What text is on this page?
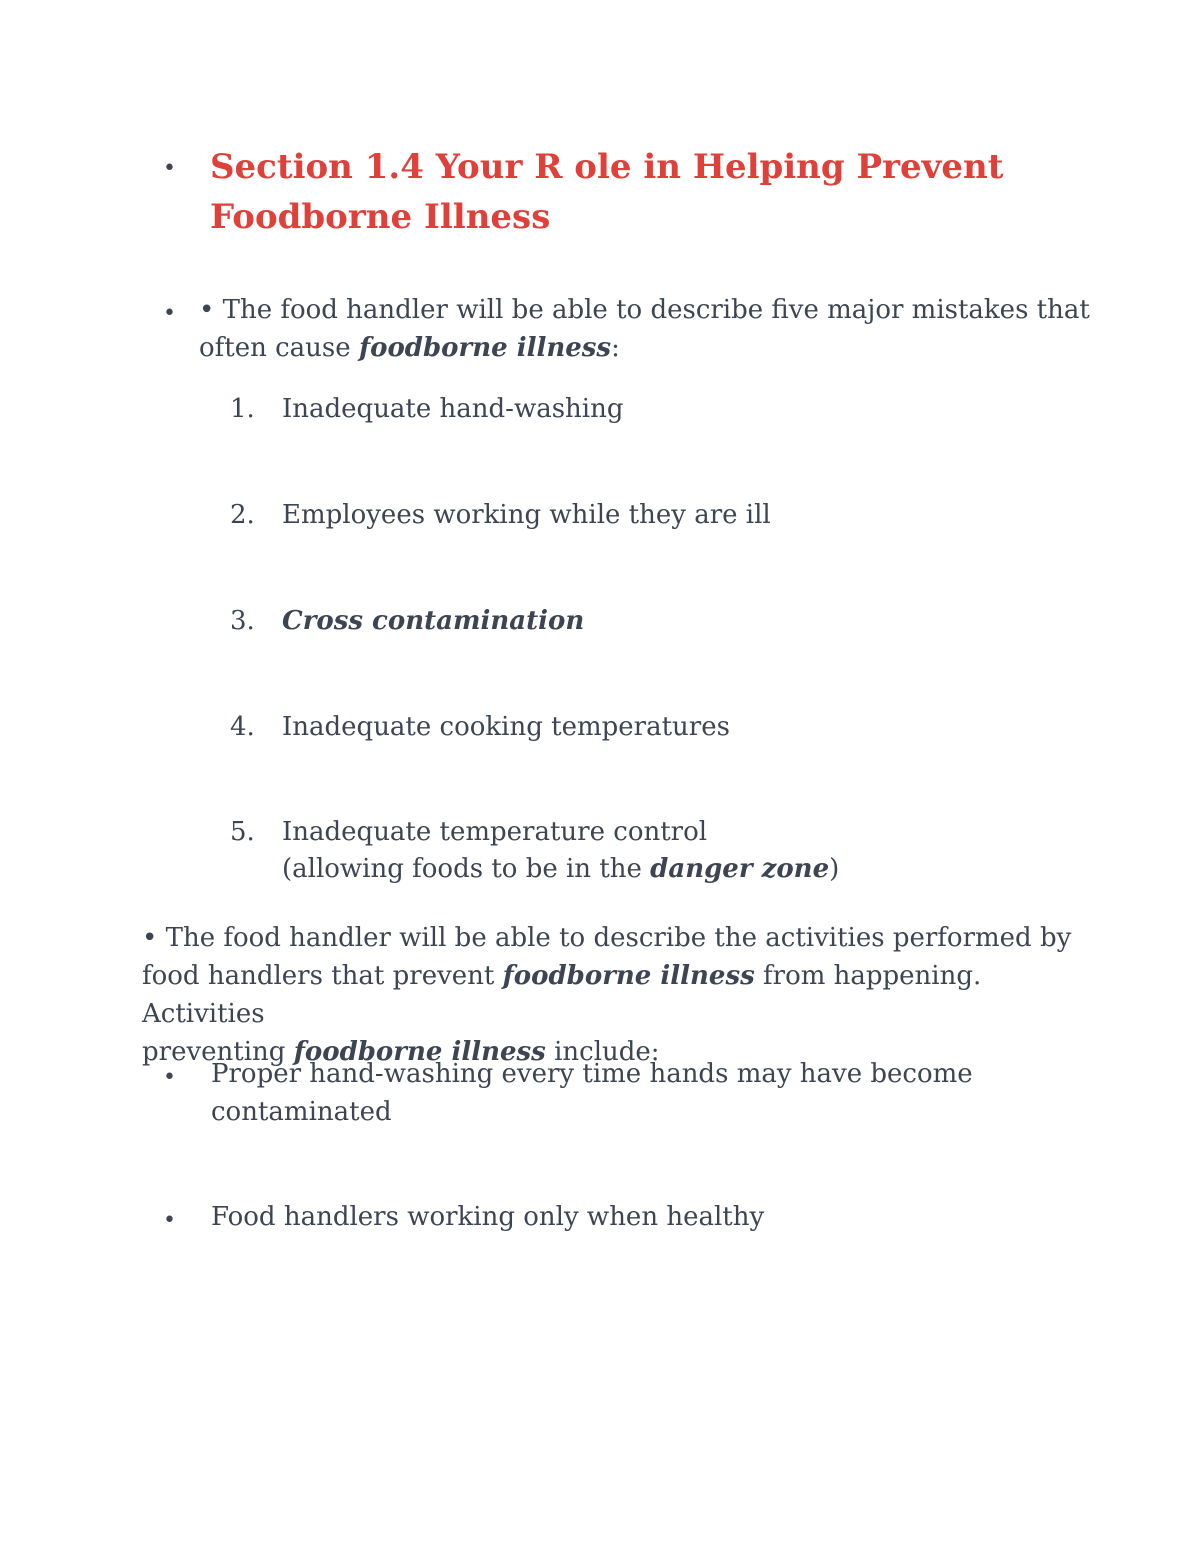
• Section 1.4 Your R ole in Helping Prevent
Foodborne Illness
• • The food handler will be able to describe five major mistakes that
often cause foodborne illness:
1. Inadequate hand-washing
2. Employees working while they are ill
3. Cross contamination
4. Inadequate cooking temperatures
5. Inadequate temperature control
(allowing foods to be in the danger zone)
• The food handler will be able to describe the activities performed by
food handlers that prevent foodborne illness from happening. Activities
preventing foodborne illness include:
• Proper hand-washing every time hands may have become
contaminated
• Food handlers working only when healthy
